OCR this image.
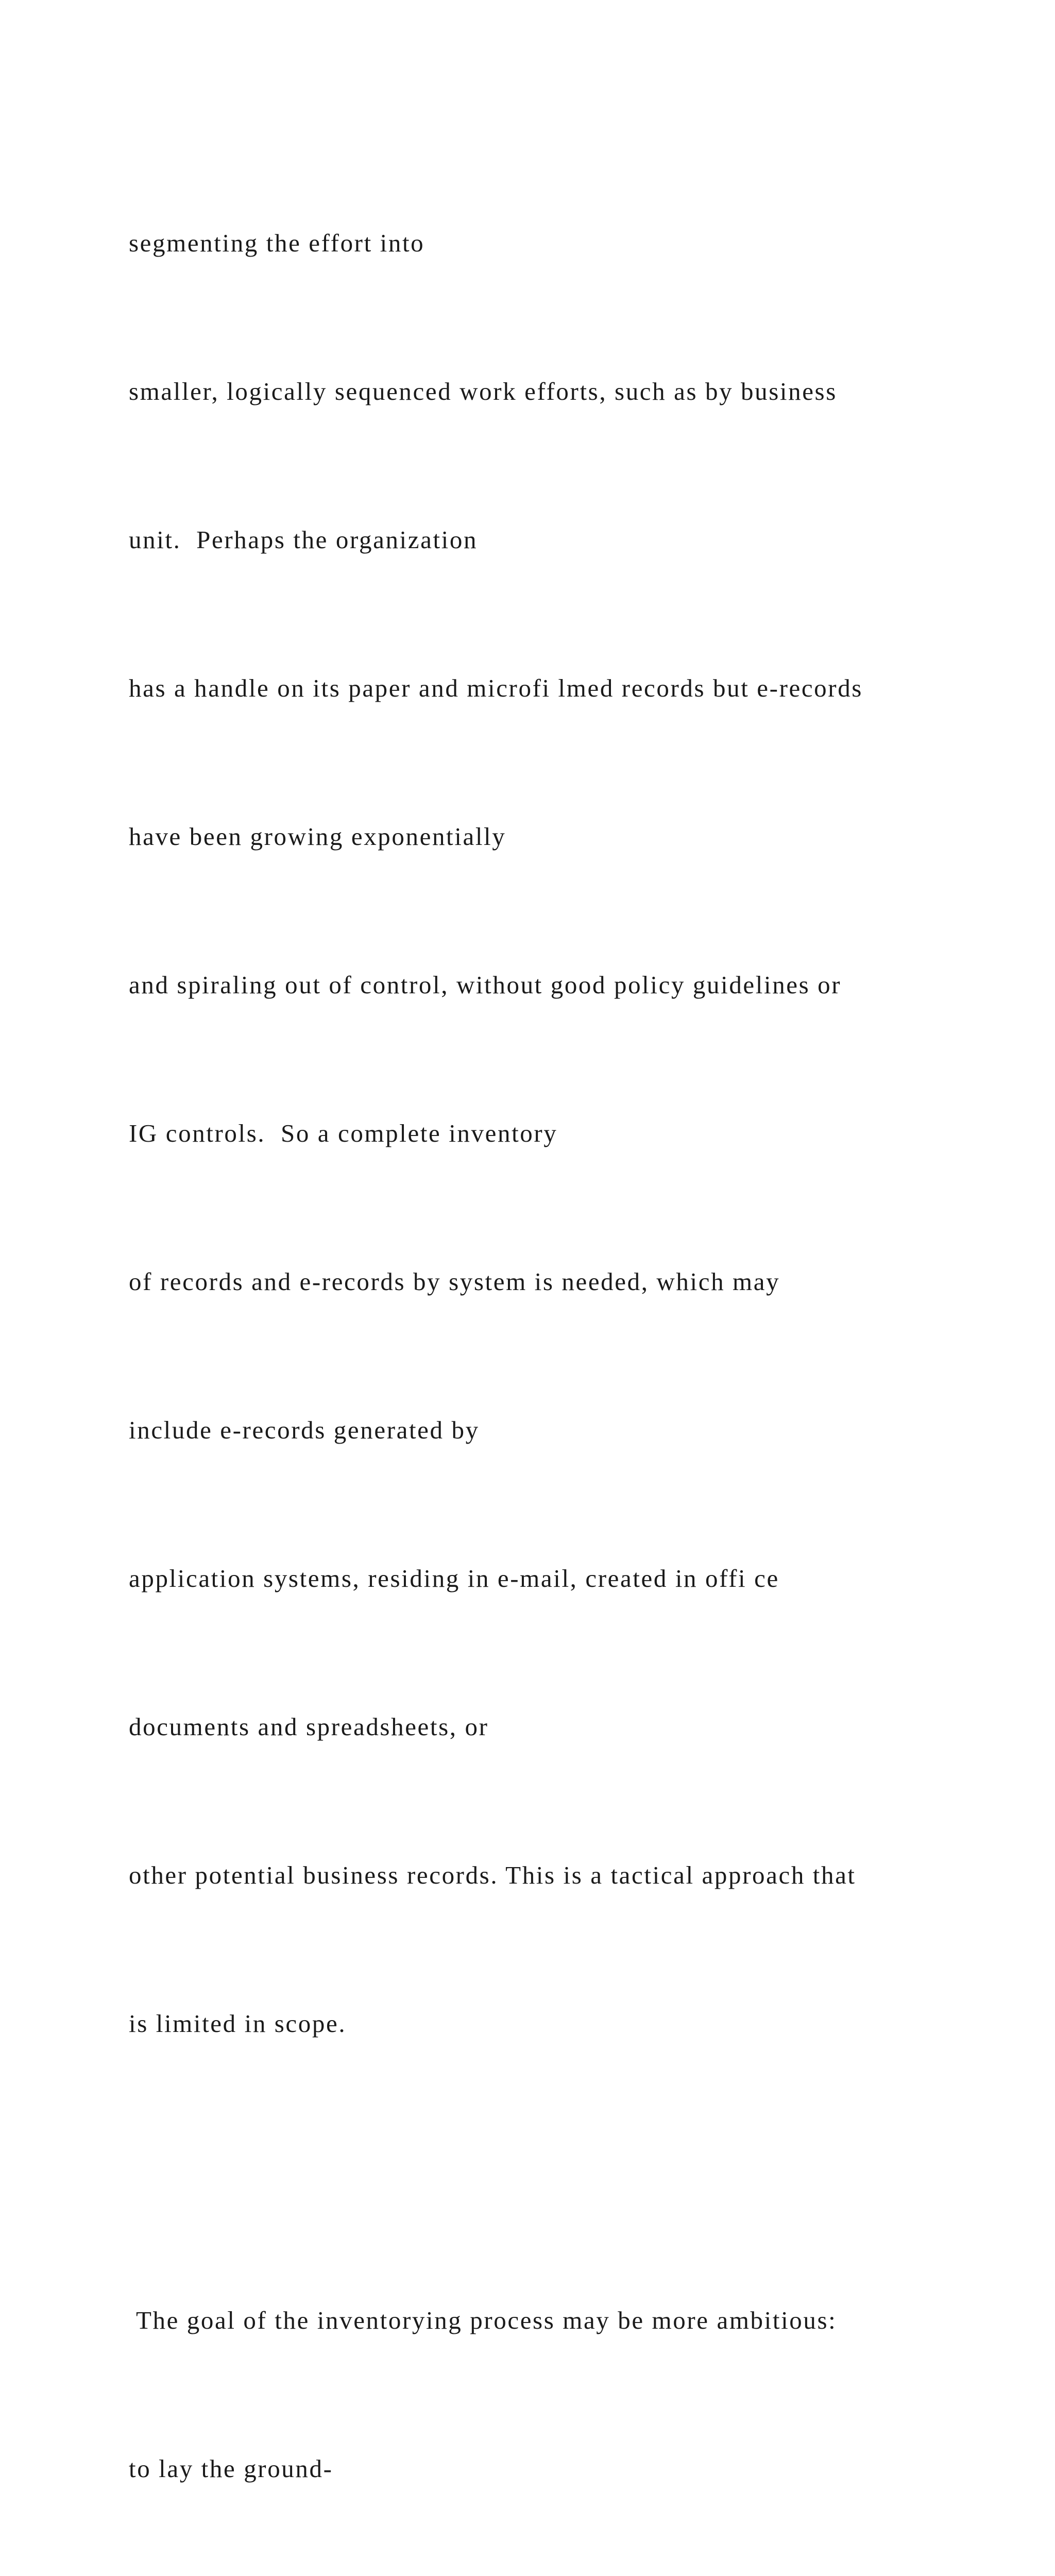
segmenting the effort into

smaller, logically sequenced work efforts, such as by business

unit.  Perhaps the organization

has a handle on its paper and microfi lmed records but e-records

have been growing exponentially

and spiraling out of control, without good policy guidelines or

IG controls.  So a complete inventory

of records and e-records by system is needed, which may

include e-records generated by

application systems, residing in e-mail, created in offi ce

documents and spreadsheets, or

other potential business records. This is a tactical approach that

is limited in scope.

The goal of the inventorying process may be more ambitious:

to lay the ground-
